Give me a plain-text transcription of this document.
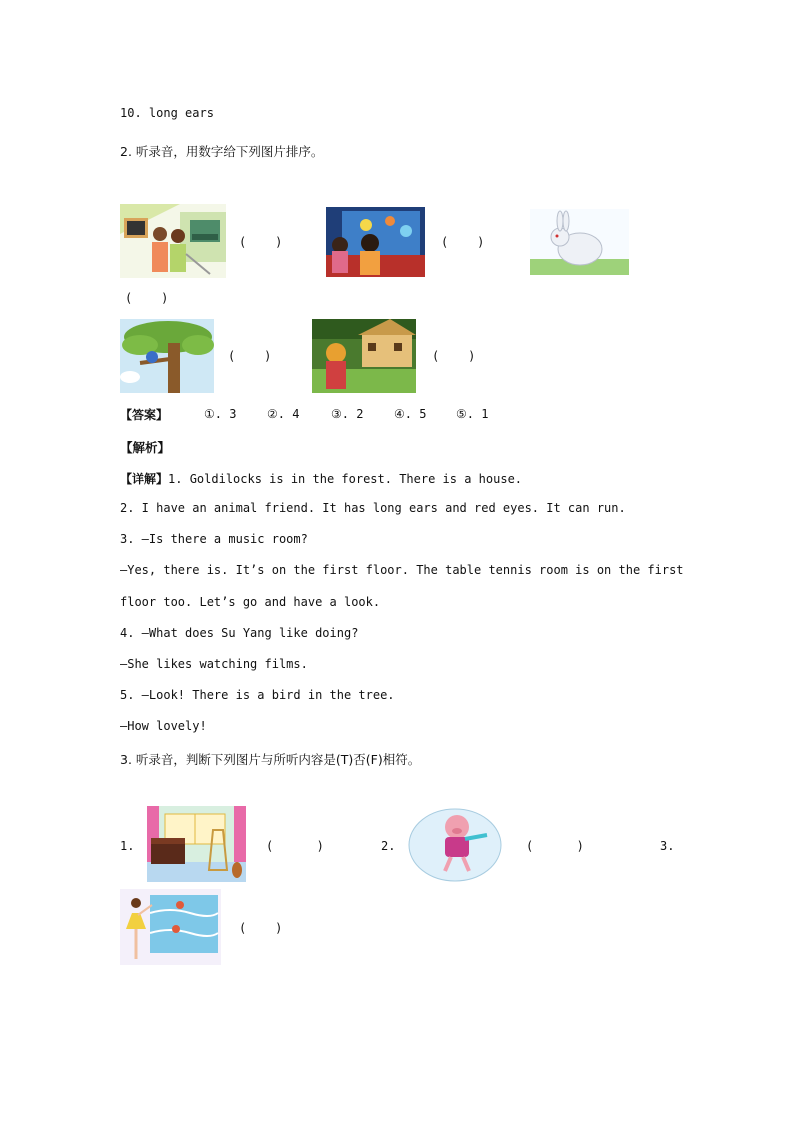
10. long ears
2. 听录音，用数字给下列图片排序。
(    )	(    )
(    )
(    )	(    )
【答案】	①. 3	②. 4	③. 2	④. 5 ⑤. 1
【解析】
【详解】1. Goldilocks is in the forest. There is a house.
2. I have an animal friend. It has long ears and red eyes. It can run.
3. —Is there a music room?
—Yes, there is. It’s on the first floor. The table tennis room is on the first
floor too. Let’s go and have a look.
4. —What does Su Yang like doing?
—She likes watching films.
5. —Look! There is a bird in the tree.
—How lovely!
3. 听录音，判断下列图片与所听内容是(T)否(F)相符。
1.	(      )	2.	(      )	3.
(    )
